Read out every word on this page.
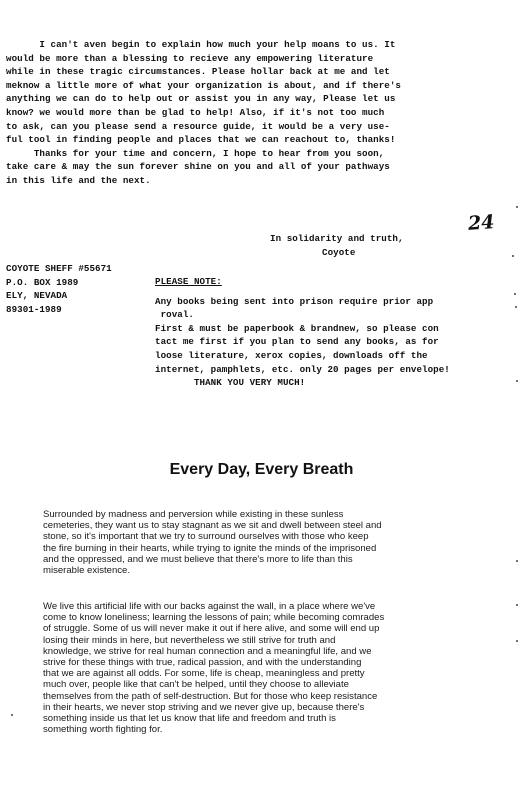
I can't aven begin to explain how much your help moans to us. It

would be more than a blessing to recieve any empowering literature

while in these tragic circumstances. Please hollar back at me and let

meknow a little more of what your organization is about, and if there's

anything we can do to help out or assist you in any way, Please let us

know? we would more than be glad to help! Also, if it's not too much

to ask, can you please send a resource guide, it would be a very use-

ful tool in finding people and places that we can reachout to, thanks!

Thanks for your time and concern, I hope to hear from you soon,

take care & may the sun forever shine on you and all of your pathways

in this life and the next.

24
In solidarity and truth,
Coyote
COYOTE SHEFF #55671
P.O. BOX 1989
ELY, NEVADA
89301-1989
PLEASE NOTE:
Any books being sent into prison require prior app
roval.
First & must be paperbook & brandnew, so please con
tact me first if you plan to send any books, as for
loose literature, xerox copies, downloads off the
internet, pamphlets, etc. only 20 pages per envelope!
THANK YOU VERY MUCH!
Every Day, Every Breath
Surrounded by madness and perversion while existing in these sunless
cemeteries, they want us to stay stagnant as we sit and dwell between steel and
stone, so it's important that we try to surround ourselves with those who keep
the fire burning in their hearts, while trying to ignite the minds of the imprisoned
and the oppressed, and we must believe that there's more to life than this
miserable existence.
We live this artificial life with our backs against the wall, in a place where we've
come to know loneliness; learning the lessons of pain; while becoming comrades
of struggle. Some of us will never make it out if here alive, and some will end up
losing their minds in here, but nevertheless we still strive for truth and
knowledge, we strive for real human connection and a meaningful life, and we
strive for these things with true, radical passion, and with the understanding
that we are against all odds. For some, life is cheap, meaningless and pretty
much over, people like that can't be helped, until they choose to alleviate
themselves from the path of self-destruction. But for those who keep resistance
in their hearts, we never stop striving and we never give up, because there's
something inside us that let us know that life and freedom and truth is
something worth fighting for.
